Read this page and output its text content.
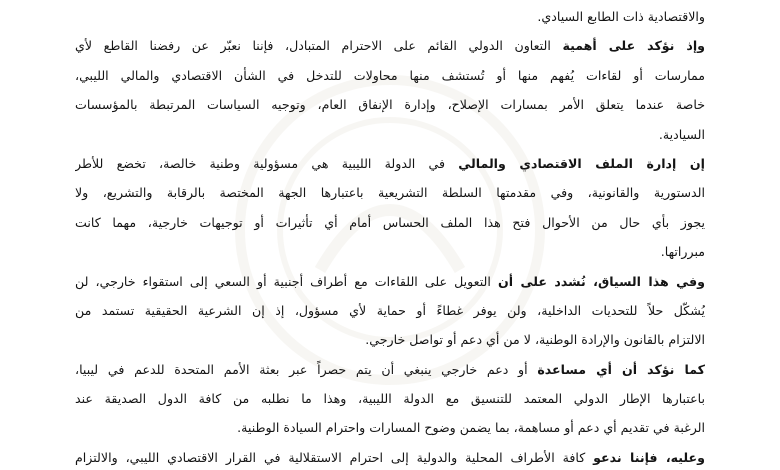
والاقتصادية ذات الطابع السيادي.
وإذ نؤكد على أهمية التعاون الدولي القائم على الاحترام المتبادل، فإننا نعبّر عن رفضنا القاطع لأي
ممارسات أو لقاءات يُفهم منها أو تُستشف منها محاولات للتدخل في الشأن الاقتصادي والمالي الليبي،
خاصة عندما يتعلق الأمر بمسارات الإصلاح، وإدارة الإنفاق العام، وتوجيه السياسات المرتبطة بالمؤسسات
السيادية.
إن إدارة الملف الاقتصادي والمالي في الدولة الليبية هي مسؤولية وطنية خالصة، تخضع للأطر
الدستورية والقانونية، وفي مقدمتها السلطة التشريعية باعتبارها الجهة المختصة بالرقابة والتشريع، ولا
يجوز بأي حال من الأحوال فتح هذا الملف الحساس أمام أي تأثيرات أو توجيهات خارجية، مهما كانت
مبرراتها.
وفي هذا السياق، نُشدد على أن التعويل على اللقاءات مع أطراف أجنبية أو السعي إلى استقواء خارجي، لن
يُشكّل حلاً للتحديات الداخلية، ولن يوفر غطاءً أو حماية لأي مسؤول، إذ إن الشرعية الحقيقية تستمد من
الالتزام بالقانون والإرادة الوطنية، لا من أي دعم أو تواصل خارجي.
كما نؤكد أن أي مساعدة أو دعم خارجي ينبغي أن يتم حصراً عبر بعثة الأمم المتحدة للدعم في ليبيا،
باعتبارها الإطار الدولي المعتمد للتنسيق مع الدولة الليبية، وهذا ما نطلبه من كافة الدول الصديقة عند
الرغبة في تقديم أي دعم أو مساهمة، بما يضمن وضوح المسارات واحترام السيادة الوطنية.
وعليه، فإننا ندعو كافة الأطراف المحلية والدولية إلى احترام الاستقلالية في القرار الاقتصادي الليبي، والالتزام
